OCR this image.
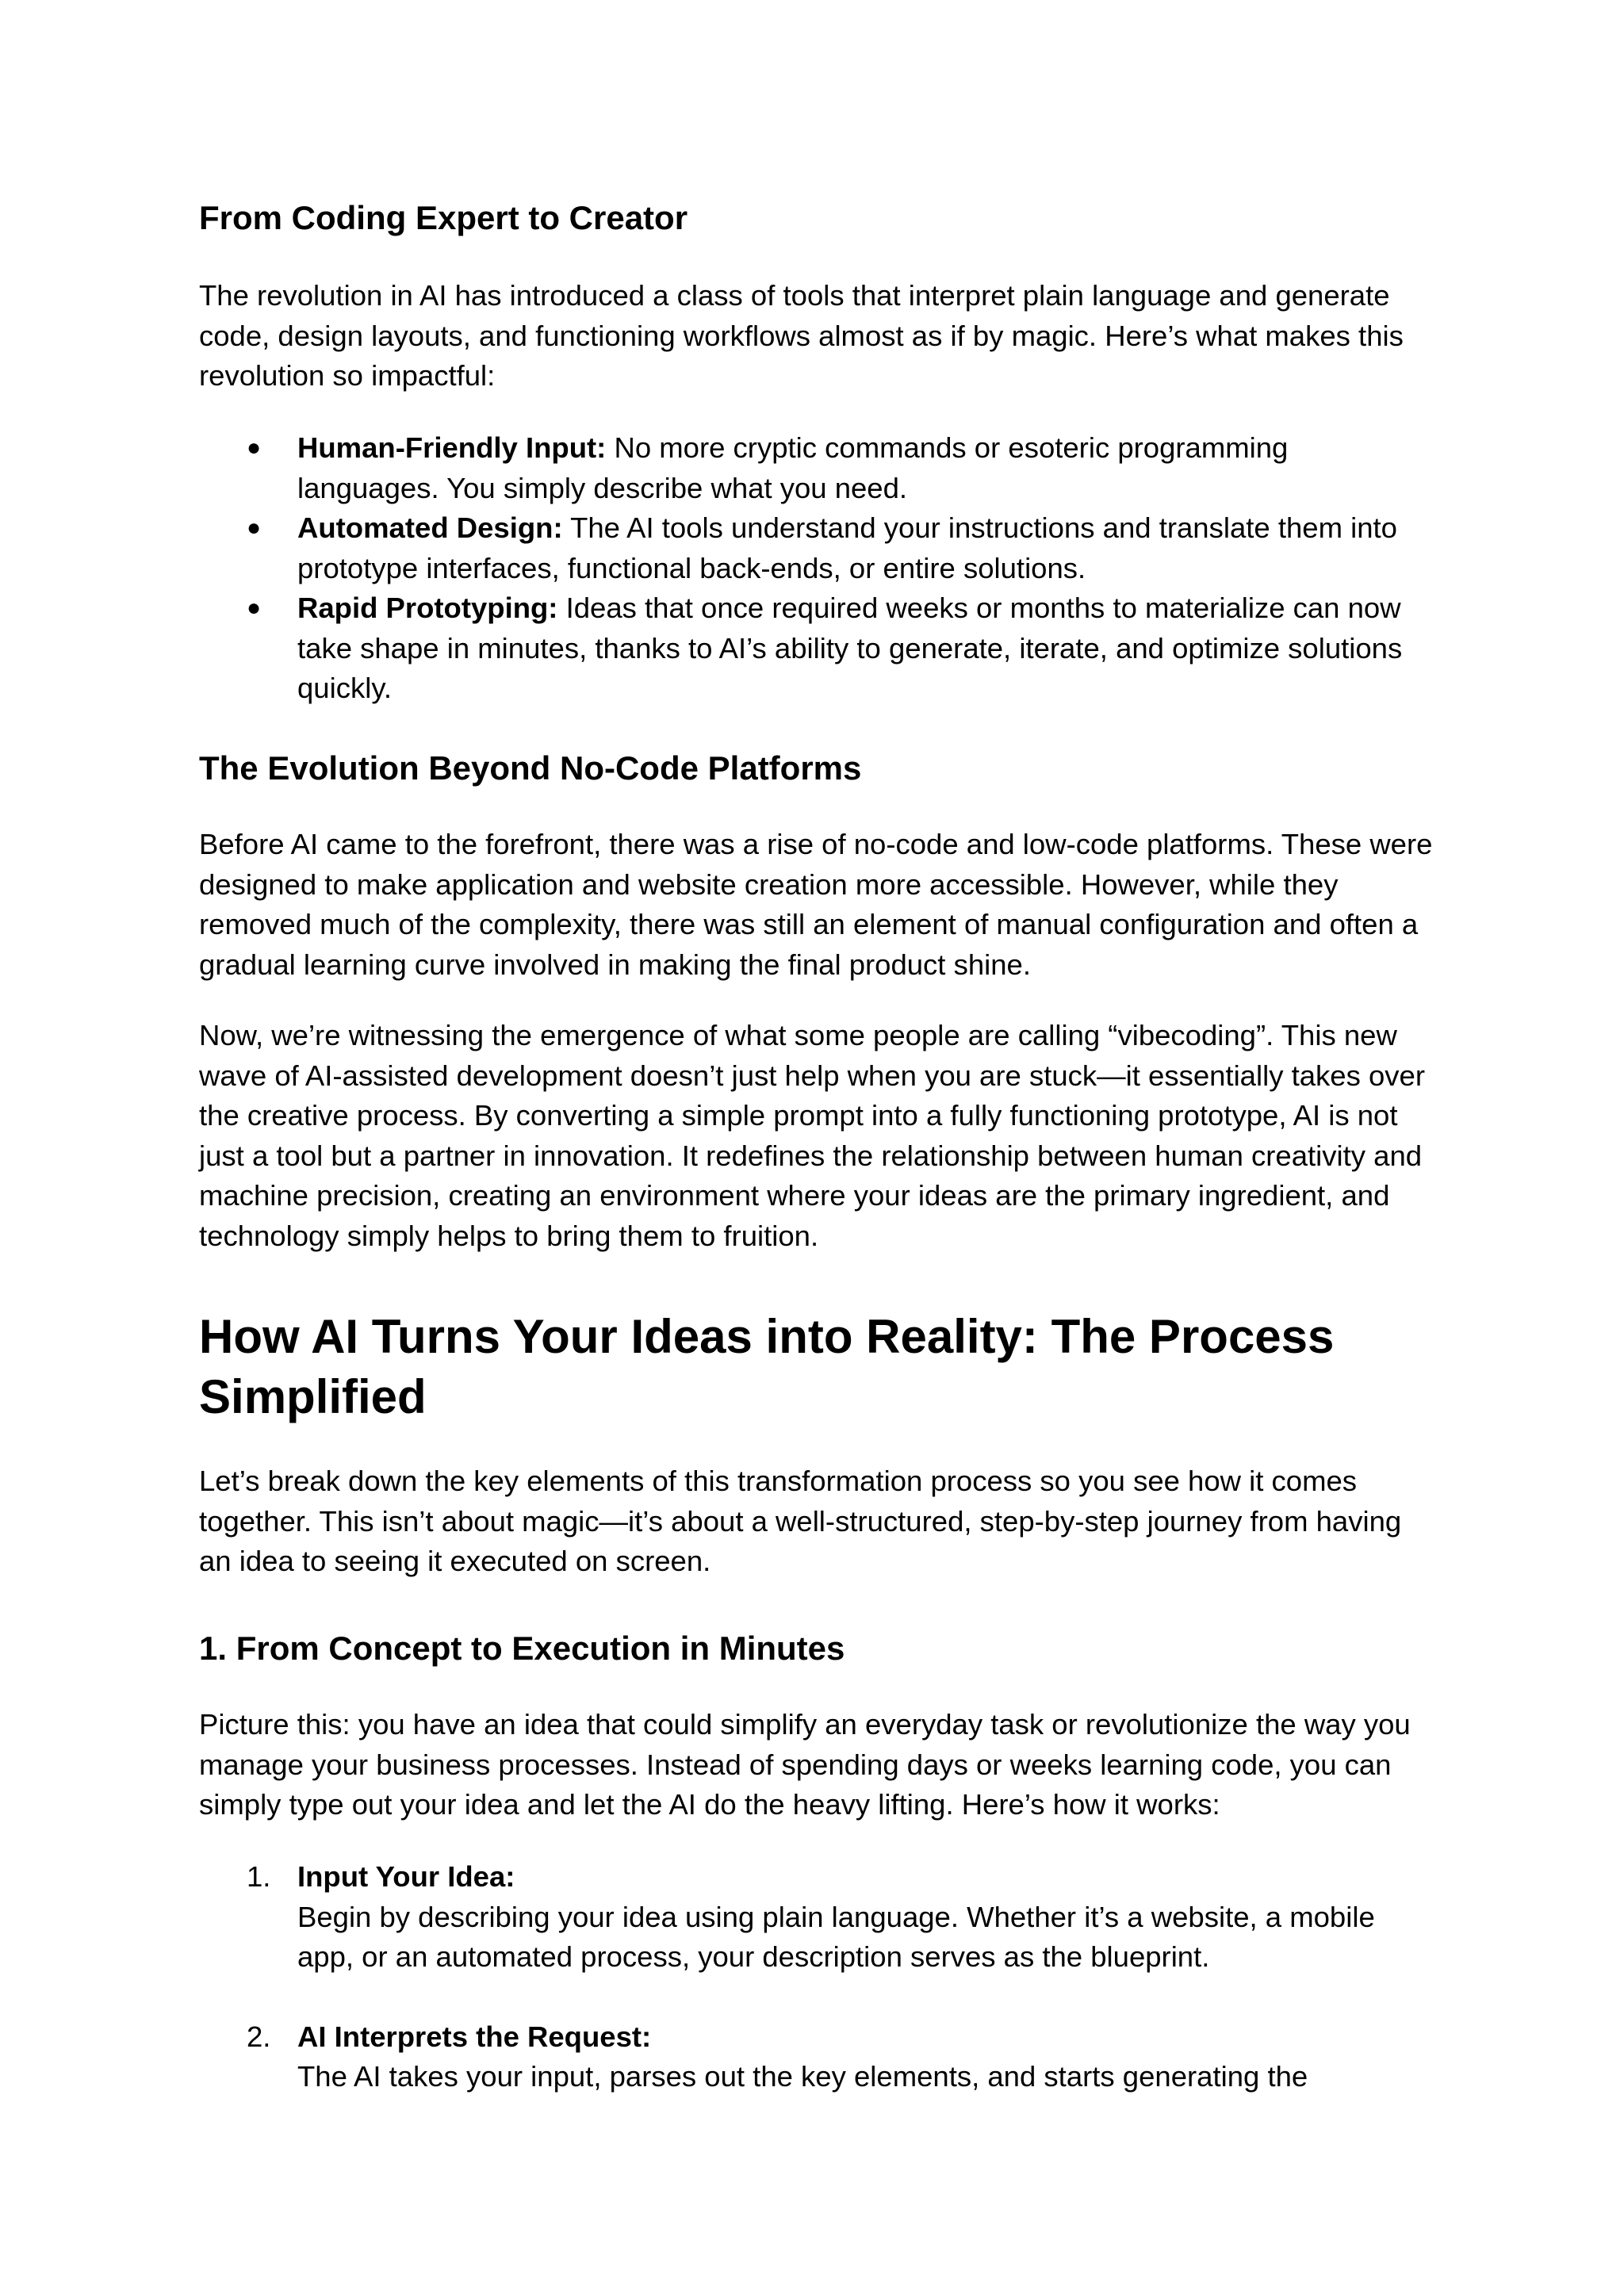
From Coding Expert to Creator

The revolution in AI has introduced a class of tools that interpret plain language and generate code, design layouts, and functioning workflows almost as if by magic. Here’s what makes this revolution so impactful:

● Human-Friendly Input: No more cryptic commands or esoteric programming languages. You simply describe what you need.
● Automated Design: The AI tools understand your instructions and translate them into prototype interfaces, functional back-ends, or entire solutions.
● Rapid Prototyping: Ideas that once required weeks or months to materialize can now take shape in minutes, thanks to AI’s ability to generate, iterate, and optimize solutions quickly.
The Evolution Beyond No-Code Platforms

Before AI came to the forefront, there was a rise of no-code and low-code platforms. These were designed to make application and website creation more accessible. However, while they removed much of the complexity, there was still an element of manual configuration and often a gradual learning curve involved in making the final product shine.

Now, we’re witnessing the emergence of what some people are calling “vibecoding”. This new wave of AI-assisted development doesn’t just help when you are stuck—it essentially takes over the creative process. By converting a simple prompt into a fully functioning prototype, AI is not just a tool but a partner in innovation. It redefines the relationship between human creativity and machine precision, creating an environment where your ideas are the primary ingredient, and technology simply helps to bring them to fruition.

How AI Turns Your Ideas into Reality: The Process Simplified

Let’s break down the key elements of this transformation process so you see how it comes together. This isn’t about magic—it’s about a well-structured, step-by-step journey from having an idea to seeing it executed on screen.

1. From Concept to Execution in Minutes

Picture this: you have an idea that could simplify an everyday task or revolutionize the way you manage your business processes. Instead of spending days or weeks learning code, you can simply type out your idea and let the AI do the heavy lifting. Here’s how it works:

1. Input Your Idea:
Begin by describing your idea using plain language. Whether it’s a website, a mobile app, or an automated process, your description serves as the blueprint.
2. AI Interprets the Request:
The AI takes your input, parses out the key elements, and starts generating the
